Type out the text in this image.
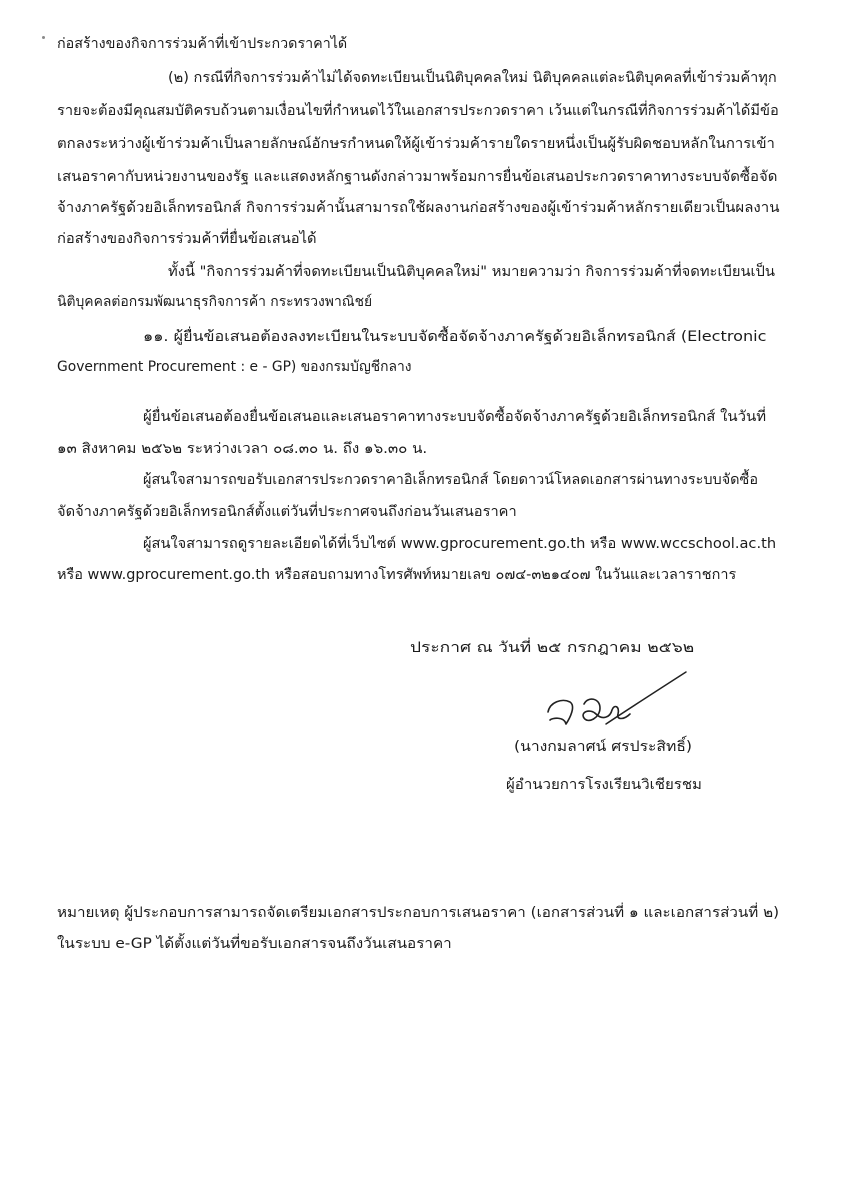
ก่อสร้างของกิจการร่วมค้าที่เข้าประกวดราคาได้
(๒) กรณีที่กิจการร่วมค้าไม่ได้จดทะเบียนเป็นนิติบุคคลใหม่ นิติบุคคลแต่ละนิติบุคคลที่เข้าร่วมค้าทุก
รายจะต้องมีคุณสมบัติครบถ้วนตามเงื่อนไขที่กำหนดไว้ในเอกสารประกวดราคา เว้นแต่ในกรณีที่กิจการร่วมค้าได้มีข้อ
ตกลงระหว่างผู้เข้าร่วมค้าเป็นลายลักษณ์อักษรกำหนดให้ผู้เข้าร่วมค้ารายใดรายหนึ่งเป็นผู้รับผิดชอบหลักในการเข้า
เสนอราคากับหน่วยงานของรัฐ และแสดงหลักฐานดังกล่าวมาพร้อมการยื่นข้อเสนอประกวดราคาทางระบบจัดซื้อจัด
จ้างภาครัฐด้วยอิเล็กทรอนิกส์ กิจการร่วมค้านั้นสามารถใช้ผลงานก่อสร้างของผู้เข้าร่วมค้าหลักรายเดียวเป็นผลงาน
ก่อสร้างของกิจการร่วมค้าที่ยื่นข้อเสนอได้
ทั้งนี้ "กิจการร่วมค้าที่จดทะเบียนเป็นนิติบุคคลใหม่" หมายความว่า กิจการร่วมค้าที่จดทะเบียนเป็น
นิติบุคคลต่อกรมพัฒนาธุรกิจการค้า กระทรวงพาณิชย์
๑๑. ผู้ยื่นข้อเสนอต้องลงทะเบียนในระบบจัดซื้อจัดจ้างภาครัฐด้วยอิเล็กทรอนิกส์ (Electronic
Government Procurement : e - GP) ของกรมบัญชีกลาง
ผู้ยื่นข้อเสนอต้องยื่นข้อเสนอและเสนอราคาทางระบบจัดซื้อจัดจ้างภาครัฐด้วยอิเล็กทรอนิกส์ ในวันที่
๑๓ สิงหาคม ๒๕๖๒ ระหว่างเวลา ๐๘.๓๐ น. ถึง ๑๖.๓๐ น.
ผู้สนใจสามารถขอรับเอกสารประกวดราคาอิเล็กทรอนิกส์ โดยดาวน์โหลดเอกสารผ่านทางระบบจัดซื้อ
จัดจ้างภาครัฐด้วยอิเล็กทรอนิกส์ตั้งแต่วันที่ประกาศจนถึงก่อนวันเสนอราคา
ผู้สนใจสามารถดูรายละเอียดได้ที่เว็บไซต์ www.gprocurement.go.th หรือ www.wccschool.ac.th
หรือ www.gprocurement.go.th หรือสอบถามทางโทรศัพท์หมายเลข ๐๗๔-๓๒๑๔๐๗ ในวันและเวลาราชการ
ประกาศ ณ วันที่ ๒๕ กรกฎาคม ๒๕๖๒
(นางกมลาศน์ ศรประสิทธิ์)
ผู้อำนวยการโรงเรียนวิเชียรชม
หมายเหตุ ผู้ประกอบการสามารถจัดเตรียมเอกสารประกอบการเสนอราคา (เอกสารส่วนที่ ๑ และเอกสารส่วนที่ ๒)
ในระบบ e-GP ได้ตั้งแต่วันที่ขอรับเอกสารจนถึงวันเสนอราคา
